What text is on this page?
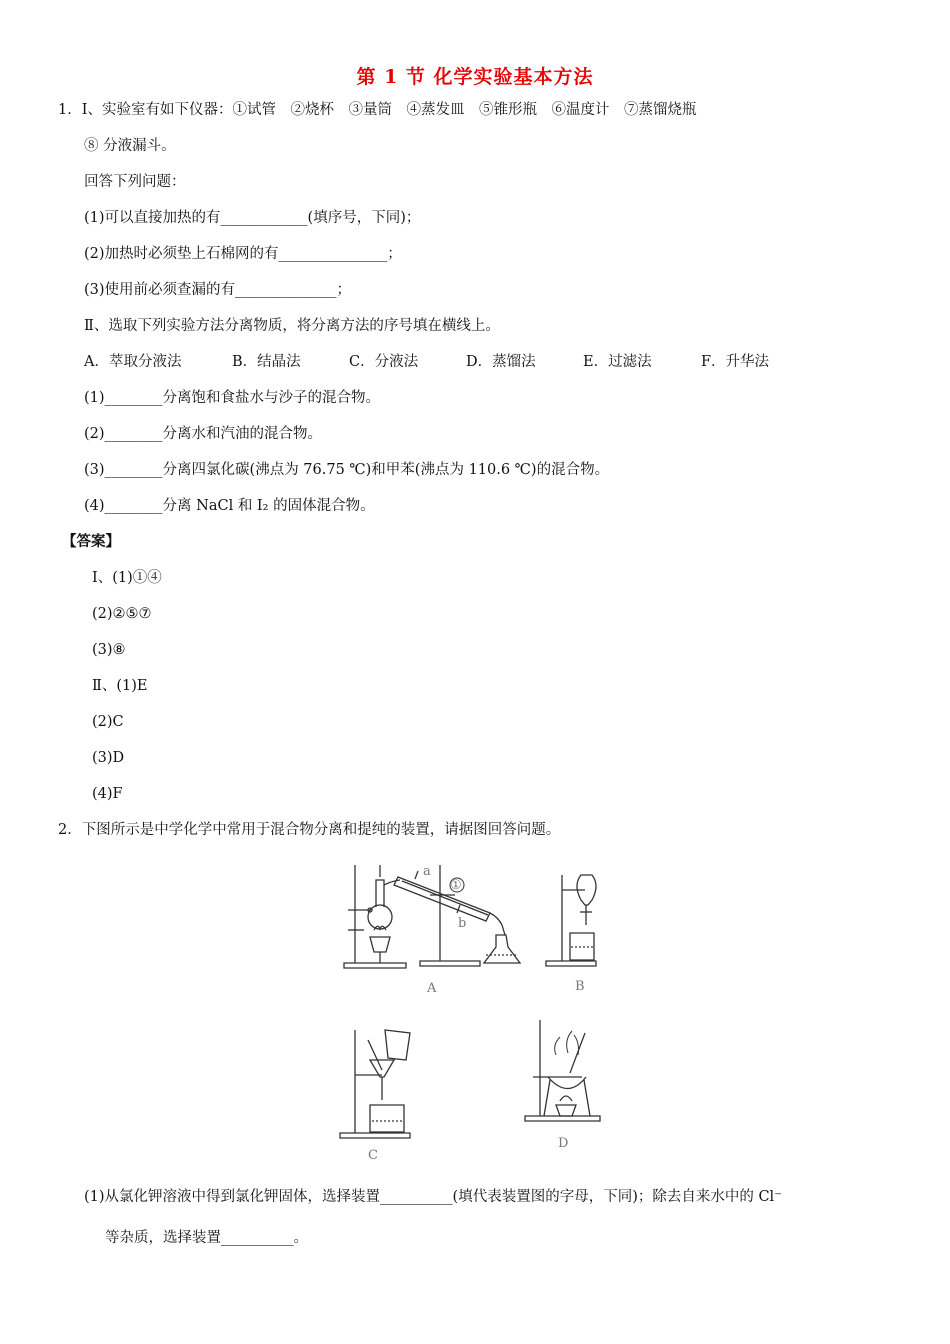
第 1 节 化学实验基本方法
1．Ⅰ、实验室有如下仪器：①试管　②烧杯　③量筒　④蒸发皿　⑤锥形瓶　⑥温度计　⑦蒸馏烧瓶
⑧ 分液漏斗。
回答下列问题：
(1)可以直接加热的有____________(填序号，下同)；
(2)加热时必须垫上石棉网的有_______________；
(3)使用前必须查漏的有______________；
Ⅱ、选取下列实验方法分离物质，将分离方法的序号填在横线上。
A．萃取分液法	B．结晶法	C．分液法	D．蒸馏法	E．过滤法	F．升华法
(1)________分离饱和食盐水与沙子的混合物。
(2)________分离水和汽油的混合物。
(3)________分离四氯化碳(沸点为 76.75 ℃)和甲苯(沸点为 110.6 ℃)的混合物。
(4)________分离 NaCl 和 I₂ 的固体混合物。
【答案】
Ⅰ、(1)①④
(2)②⑤⑦
(3)⑧
Ⅱ、(1)E
(2)C
(3)D
(4)F
2．下图所示是中学化学中常用于混合物分离和提纯的装置，请据图回答问题。
a
b
①
A	B
C
D
(1)从氯化钾溶液中得到氯化钾固体，选择装置__________(填代表装置图的字母，下同)；除去自来水中的 Cl⁻
等杂质，选择装置__________。
